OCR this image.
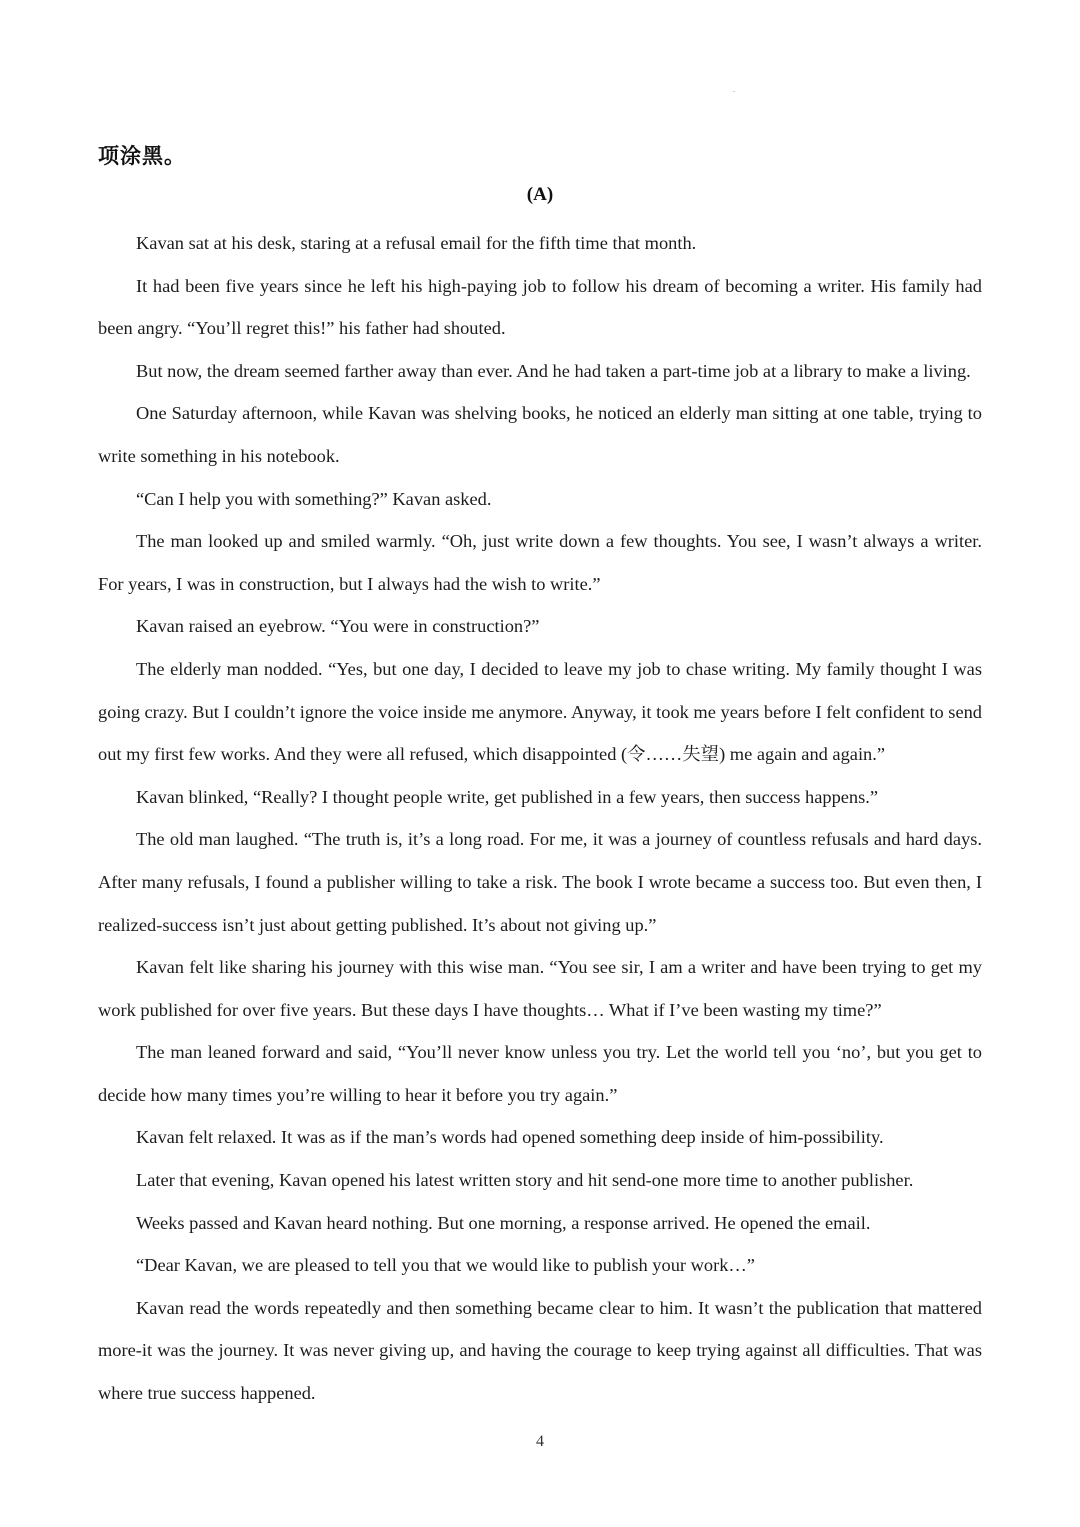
项涂黑。
(A)

Kavan sat at his desk, staring at a refusal email for the fifth time that month.

It had been five years since he left his high-paying job to follow his dream of becoming a writer. His family had been angry. “You’ll regret this!” his father had shouted.

But now, the dream seemed farther away than ever. And he had taken a part-time job at a library to make a living.

One Saturday afternoon, while Kavan was shelving books, he noticed an elderly man sitting at one table, trying to write something in his notebook.

“Can I help you with something?” Kavan asked.

The man looked up and smiled warmly. “Oh, just write down a few thoughts. You see, I wasn’t always a writer. For years, I was in construction, but I always had the wish to write.”

Kavan raised an eyebrow. “You were in construction?”

The elderly man nodded. “Yes, but one day, I decided to leave my job to chase writing. My family thought I was going crazy. But I couldn’t ignore the voice inside me anymore. Anyway, it took me years before I felt confident to send out my first few works. And they were all refused, which disappointed (令……失望) me again and again.”

Kavan blinked, “Really? I thought people write, get published in a few years, then success happens.”

The old man laughed. “The truth is, it’s a long road. For me, it was a journey of countless refusals and hard days. After many refusals, I found a publisher willing to take a risk. The book I wrote became a success too. But even then, I realized-success isn’t just about getting published. It’s about not giving up.”

Kavan felt like sharing his journey with this wise man. “You see sir, I am a writer and have been trying to get my work published for over five years. But these days I have thoughts… What if I’ve been wasting my time?”

The man leaned forward and said, “You’ll never know unless you try. Let the world tell you ‘no’, but you get to decide how many times you’re willing to hear it before you try again.”

Kavan felt relaxed. It was as if the man’s words had opened something deep inside of him-possibility.

Later that evening, Kavan opened his latest written story and hit send-one more time to another publisher.

Weeks passed and Kavan heard nothing. But one morning, a response arrived. He opened the email.

“Dear Kavan, we are pleased to tell you that we would like to publish your work…”

Kavan read the words repeatedly and then something became clear to him. It wasn’t the publication that mattered more-it was the journey. It was never giving up, and having the courage to keep trying against all difficulties. That was where true success happened.

4
